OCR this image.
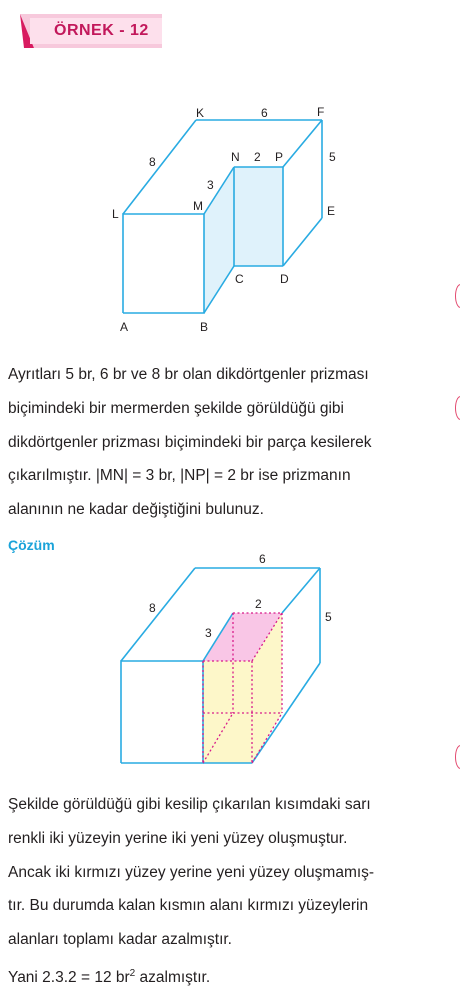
ÖRNEK - 12
K	F
6
8	5
N 2 P
3
M
L	E
C	D
A	B
Ayrıtları 5 br, 6 br ve 8 br olan dikdörtgenler prizması
biçimindeki bir mermerden şekilde görüldüğü gibi
dikdörtgenler prizması biçimindeki bir parça kesilerek
çıkarılmıştır. |MN| = 3 br, |NP| = 2 br ise prizmanın
alanının ne kadar değiştiğini bulunuz.
Çözüm
6
8
5
2
3
Şekilde görüldüğü gibi kesilip çıkarılan kısımdaki sarı
renkli iki yüzeyin yerine iki yeni yüzey oluşmuştur.
Ancak iki kırmızı yüzey yerine yeni yüzey oluşmamış-
tır. Bu durumda kalan kısmın alanı kırmızı yüzeylerin
alanları toplamı kadar azalmıştır.
Yani 2.3.2 = 12 $br^2$ azalmıştır.
